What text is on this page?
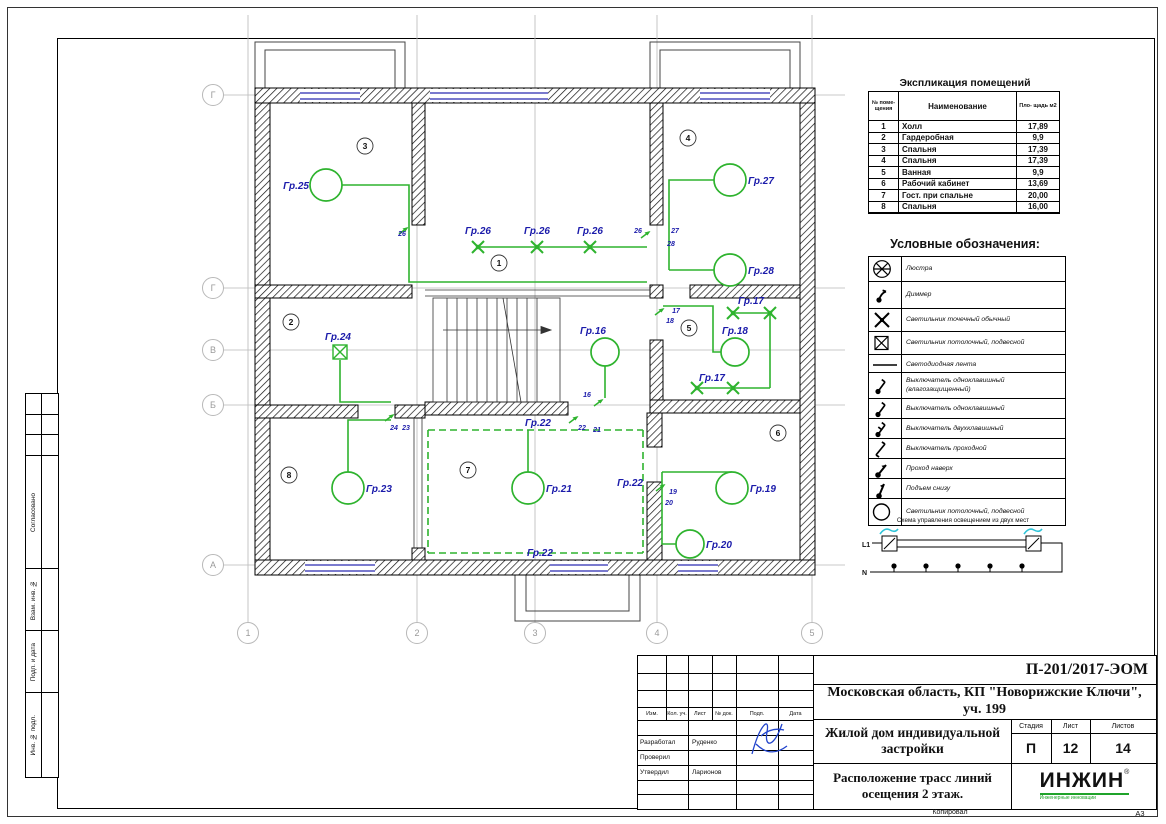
Согласовано
Взам. инв. №
Подп. и дата
Инв. № подл.
1	2	3	4	5
Г
Г
В
Б
А
Гр.25
Гр.26	Гр.26	Гр.26
Гр.27
Гр.28
Гр.24
Гр.16
Гр.17
Гр.18
Гр.17
Гр.23	Гр.21
Гр.22
Гр.22
Гр.22
Гр.19
Гр.20
26	26	27
28
17
18
16
24 23	22 21
19
20
1
2
3
4
5
6
7
8
Экспликация помещений
№ поме- щения	Наименование	Пло- щадь м2
1	Холл	17,89
2	Гардеробная	9,9
3	Спальня	17,39
4	Спальня	17,39
5	Ванная	9,9
6	Рабочий кабинет	13,69
7	Гост. при спальне	20,00
8	Спальня	16,00
Условные обозначения:
Люстра
Диммер
Светильник точечный обычный
Светильник потолочный, подвесной
Светодиодная лента
Выключатель одноклавишный (влагозащищенный)
Выключатель одноклавишный
Выключатель двухклавишный
Выключатель проходной
Проход наверх
Подъем снизу
Светильник потолочный, подвесной
Схема управления освещением из двух мест
L1
N
Изм.	Кол. уч.	Лист	№ док.	Подп.	Дата
Разработал	Руденко
Проверил
Утвердил	Ларионов
П-201/2017-ЭОМ
Московская область, КП "Новорижские Ключи", уч. 199
Жилой дом индивидуальной застройки
Стадия	Лист	Листов
П	12	14
Расположение трасс линий осещения 2 этаж.
ИНЖИН®
Инженерные инновации
Копировал	А3
